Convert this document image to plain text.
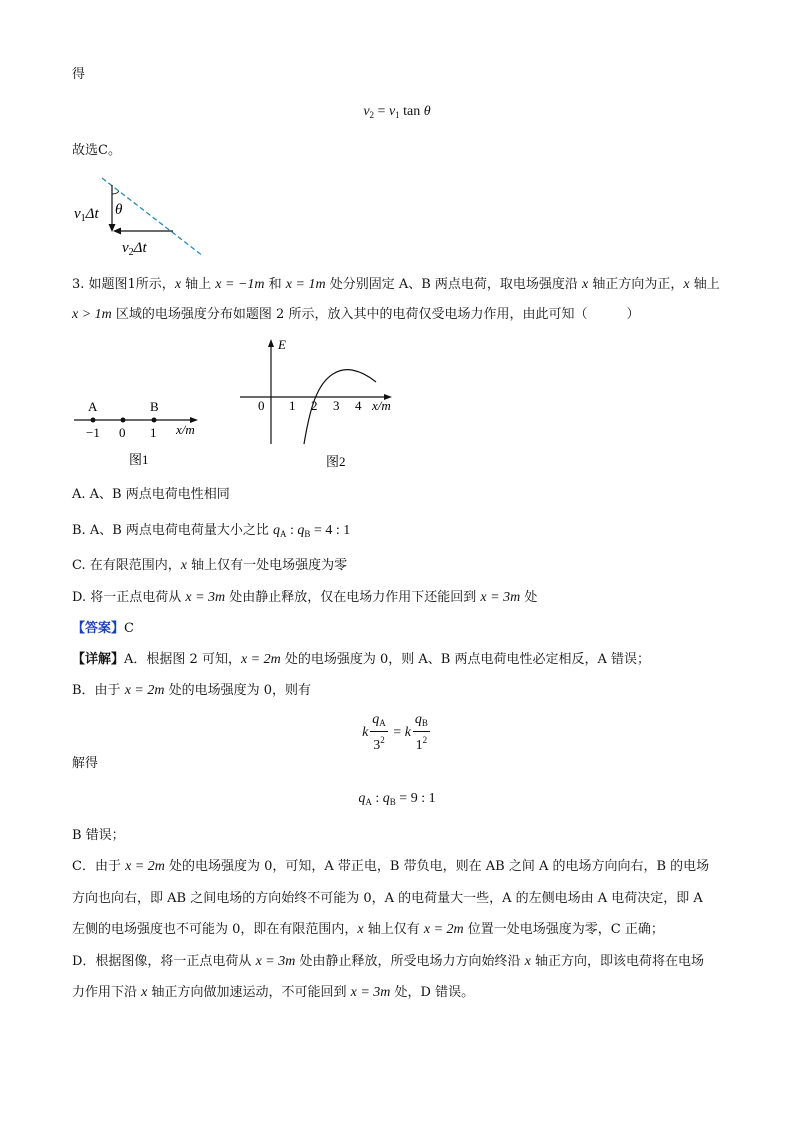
得
$v_2 = v_1$ tan θ
故选C。
$v_1\Delta t$ θ
$v_2\Delta t$
3. 如题图1所示，x 轴上 x = −1m 和 x = 1m 处分别固定 A、B 两点电荷，取电场强度沿 x 轴正方向为正，x 轴上
x > 1m 区域的电场强度分布如题图 2 所示，放入其中的电荷仅受电场力作用，由此可知（　　　）
A	B
−1 0 1 x/m
图1
E
0 1 2 3 4 x/m
图2
A. A、B 两点电荷电性相同
B. A、B 两点电荷电荷量大小之比 $q_A$ : $q_B = 4$ : 1
C. 在有限范围内，x 轴上仅有一处电场强度为零
D. 将一正点电荷从 x = 3m 处由静止释放，仅在电场力作用下还能回到 x = 3m 处
【答案】C
【详解】A．根据图 2 可知，x = 2m 处的电场强度为 0，则 A、B 两点电荷电性必定相反，A 错误；
B．由于 x = 2m 处的电场强度为 0，则有
k $\frac{q_A}{3^2} = k \frac{q_B}{1^2}$
解得
$q_A$ : $q_B = 9$ : 1
B 错误；
C．由于 x = 2m 处的电场强度为 0，可知，A 带正电，B 带负电，则在 AB 之间 A 的电场方向向右，B 的电场
方向也向右，即 AB 之间电场的方向始终不可能为 0，A 的电荷量大一些，A 的左侧电场由 A 电荷决定，即 A
左侧的电场强度也不可能为 0，即在有限范围内，x 轴上仅有 x = 2m 位置一处电场强度为零，C 正确；
D．根据图像，将一正点电荷从 x = 3m 处由静止释放，所受电场力方向始终沿 x 轴正方向，即该电荷将在电场
力作用下沿 x 轴正方向做加速运动，不可能回到 x = 3m 处，D 错误。
